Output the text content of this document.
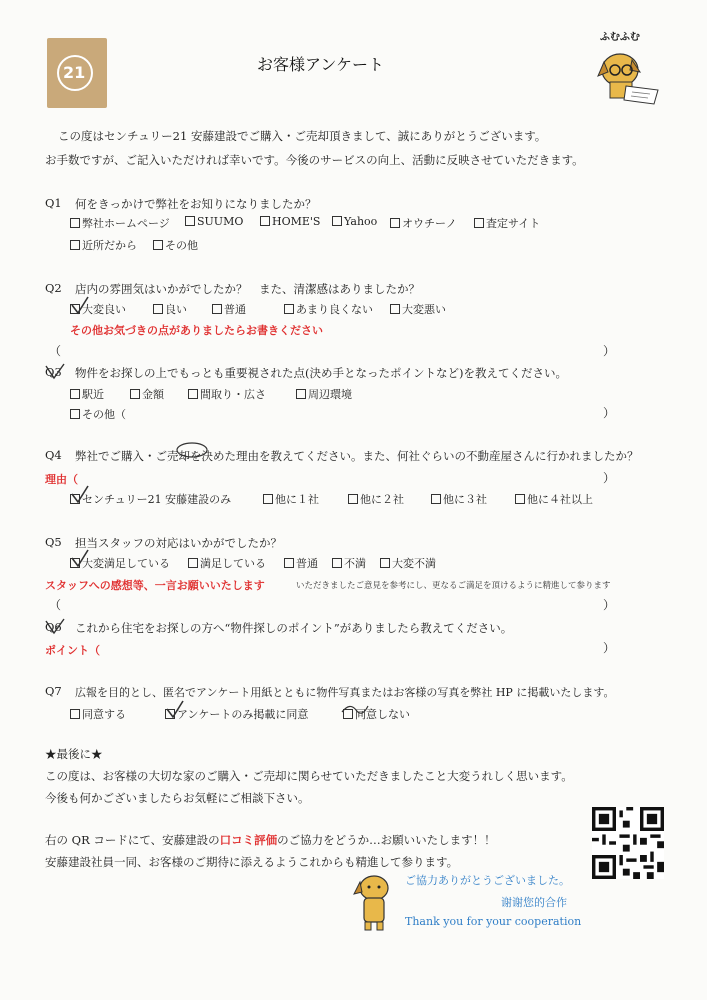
21	お客様アンケート
ふむふむ
この度はセンチュリー21 安藤建設でご購入・ご売却頂きまして、誠にありがとうございます。
お手数ですが、ご記入いただければ幸いです。今後のサービスの向上、活動に反映させていただきます。
Q1 何をきっかけで弊社をお知りになりましたか？
弊社ホームページ	SUUMO	HOME'S	Yahoo	オウチーノ	査定サイト
近所だから	その他
Q2 店内の雰囲気はいかがでしたか？　また、清潔感はありましたか？
大変良い	良い	普通	あまり良くない	大変悪い
その他お気づきの点がありましたらお書きください
（	）
Q3 物件をお探しの上でもっとも重要視された点(決め手となったポイントなど)を教えてください。
駅近	金額	間取り・広さ	周辺環境
その他（	）
Q4 弊社でご購入・ご売却を決めた理由を教えてください。また、何社ぐらいの不動産屋さんに行かれましたか？
理由（	）
センチュリー21 安藤建設のみ	他に１社	他に２社	他に３社	他に４社以上
Q5 担当スタッフの対応はいかがでしたか？
大変満足している	満足している	普通	不満	大変不満
スタッフへの感想等、一言お願いいたします	いただきましたご意見を参考にし、更なるご満足を頂けるように精進して参ります
（	）
Q6 これから住宅をお探しの方へ“物件探しのポイント”がありましたら教えてください。
ポイント（	）
Q7 広報を目的とし、匿名でアンケート用紙とともに物件写真またはお客様の写真を弊社 HP に掲載いたします。
同意する	アンケートのみ掲載に同意	同意しない
★最後に★
この度は、お客様の大切な家のご購入・ご売却に関らせていただきましたこと大変うれしく思います。
今後も何かございましたらお気軽にご相談下さい。
右の QR コードにて、安藤建設の口コミ評価のご協力をどうか…お願いいたします！！
安藤建設社員一同、お客様のご期待に添えるようこれからも精進して参ります。
ご協力ありがとうございました。
谢谢您的合作
Thank you for your cooperation
